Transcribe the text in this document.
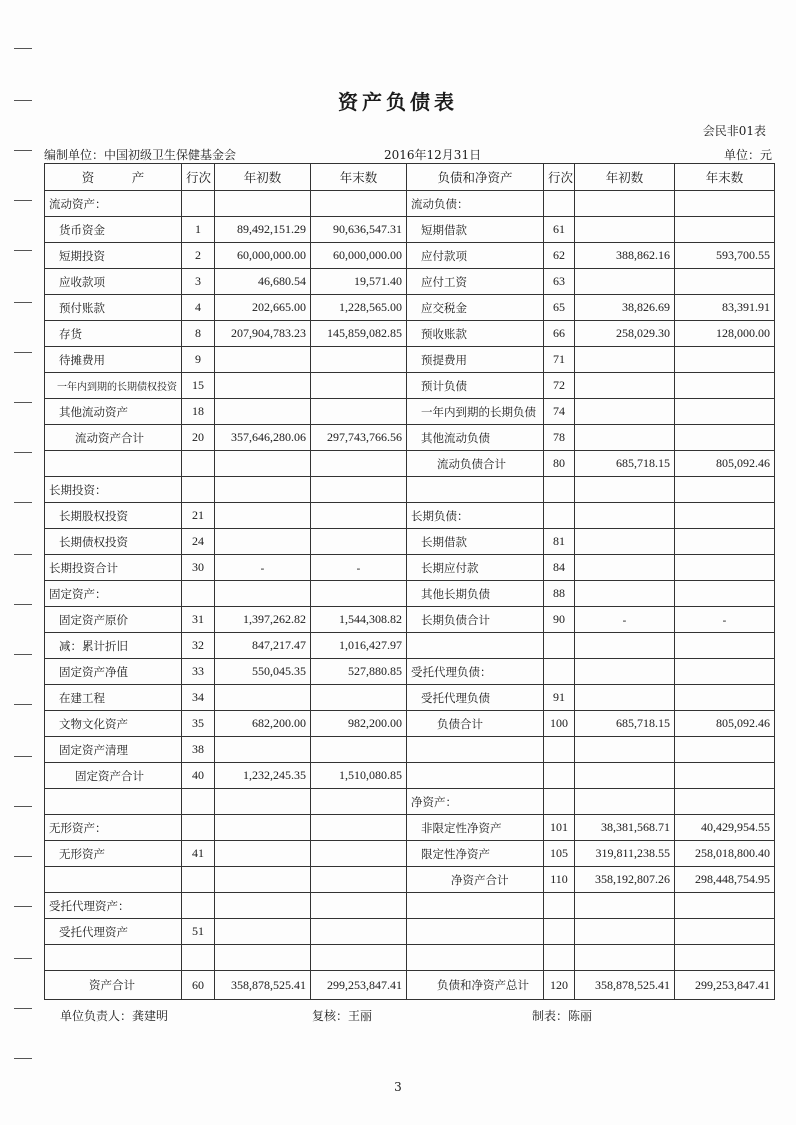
资产负债表
会民非01表
编制单位：中国初级卫生保健基金会	2016年12月31日	单位：元
资　　　产	行次	年初数	年末数	负债和净资产	行次	年初数	年末数
流动资产：				流动负债：			
货币资金	1	89,492,151.29	90,636,547.31	短期借款	61		
短期投资	2	60,000,000.00	60,000,000.00	应付款项	62	388,862.16	593,700.55
应收款项	3	46,680.54	19,571.40	应付工资	63		
预付账款	4	202,665.00	1,228,565.00	应交税金	65	38,826.69	83,391.91
存货	8	207,904,783.23	145,859,082.85	预收账款	66	258,029.30	128,000.00
待摊费用	9			预提费用	71		
一年内到期的长期债权投资	15			预计负债	72		
其他流动资产	18			一年内到期的长期负债	74		
流动资产合计	20	357,646,280.06	297,743,766.56	其他流动负债	78		
				流动负债合计	80	685,718.15	805,092.46
长期投资：							
长期股权投资	21			长期负债：			
长期债权投资	24			长期借款	81		
长期投资合计	30	-	-	长期应付款	84		
固定资产：				其他长期负债	88		
固定资产原价	31	1,397,262.82	1,544,308.82	长期负债合计	90	-	-
减：累计折旧	32	847,217.47	1,016,427.97				
固定资产净值	33	550,045.35	527,880.85	受托代理负债：			
在建工程	34			受托代理负债	91		
文物文化资产	35	682,200.00	982,200.00	负债合计	100	685,718.15	805,092.46
固定资产清理	38						
固定资产合计	40	1,232,245.35	1,510,080.85				
				净资产：			
无形资产：				非限定性净资产	101	38,381,568.71	40,429,954.55
无形资产	41			限定性净资产	105	319,811,238.55	258,018,800.40
				净资产合计	110	358,192,807.26	298,448,754.95
受托代理资产：							
受托代理资产	51						

资产合计	60	358,878,525.41	299,253,847.41	负债和净资产总计	120	358,878,525.41	299,253,847.41
单位负责人：龚建明	复核：王丽	制表：陈丽
3
